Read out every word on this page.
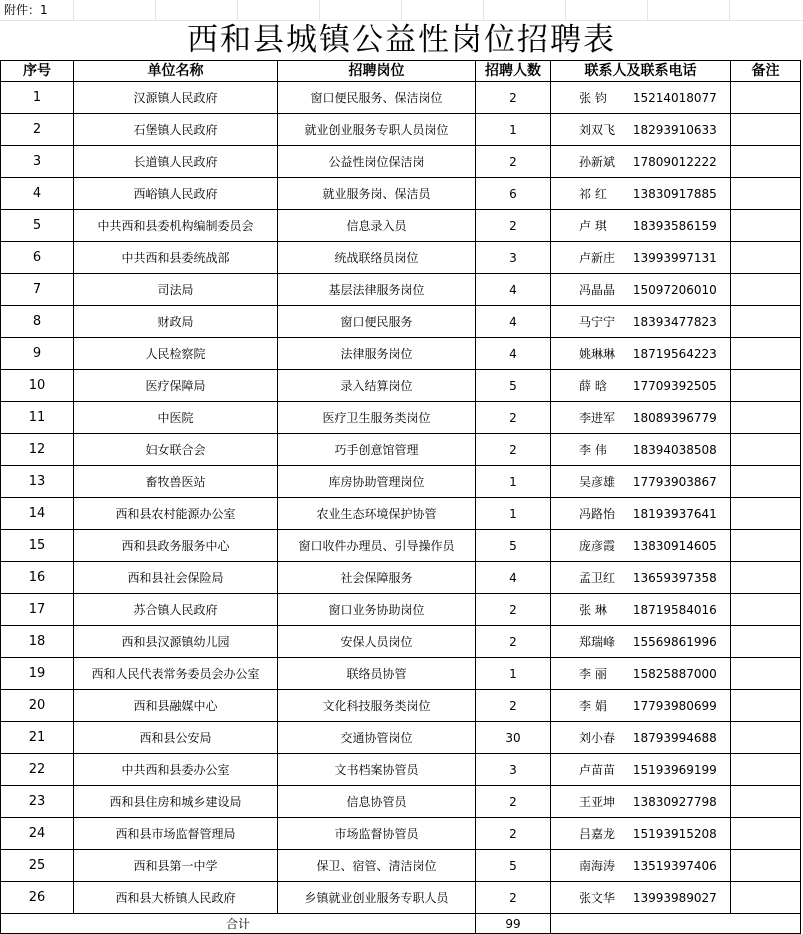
附件：1
西和县城镇公益性岗位招聘表
序号	单位名称	招聘岗位	招聘人数	联系人及联系电话	备注
1	汉源镇人民政府	窗口便民服务、保洁岗位	2	张 钧 15214018077	
2	石堡镇人民政府	就业创业服务专职人员岗位	1	刘双飞 18293910633	
3	长道镇人民政府	公益性岗位保洁岗	2	孙新斌 17809012222	
4	西峪镇人民政府	就业服务岗、保洁员	6	祁 红 13830917885	
5	中共西和县委机构编制委员会	信息录入员	2	卢 琪 18393586159	
6	中共西和县委统战部	统战联络员岗位	3	卢新庄 13993997131	
7	司法局	基层法律服务岗位	4	冯晶晶 15097206010	
8	财政局	窗口便民服务	4	马宁宁 18393477823	
9	人民检察院	法律服务岗位	4	姚琳琳 18719564223	
10	医疗保障局	录入结算岗位	5	薛 晗 17709392505	
11	中医院	医疗卫生服务类岗位	2	李进军 18089396779	
12	妇女联合会	巧手创意馆管理	2	李 伟 18394038508	
13	畜牧兽医站	库房协助管理岗位	1	吴彦雄 17793903867	
14	西和县农村能源办公室	农业生态环境保护协管	1	冯路怡 18193937641	
15	西和县政务服务中心	窗口收件办理员、引导操作员	5	庞彦霞 13830914605	
16	西和县社会保险局	社会保障服务	4	孟卫红 13659397358	
17	苏合镇人民政府	窗口业务协助岗位	2	张 琳 18719584016	
18	西和县汉源镇幼儿园	安保人员岗位	2	郑瑞峰 15569861996	
19	西和人民代表常务委员会办公室	联络员协管	1	李 丽 15825887000	
20	西和县融媒中心	文化科技服务类岗位	2	李 娟 17793980699	
21	西和县公安局	交通协管岗位	30	刘小春 18793994688	
22	中共西和县委办公室	文书档案协管员	3	卢苗苗 15193969199	
23	西和县住房和城乡建设局	信息协管员	2	王亚坤 13830927798	
24	西和县市场监督管理局	市场监督协管员	2	吕嘉龙 15193915208	
25	西和县第一中学	保卫、宿管、清洁岗位	5	南海涛 13519397406	
26	西和县大桥镇人民政府	乡镇就业创业服务专职人员	2	张文华 13993989027	
合计			99		
